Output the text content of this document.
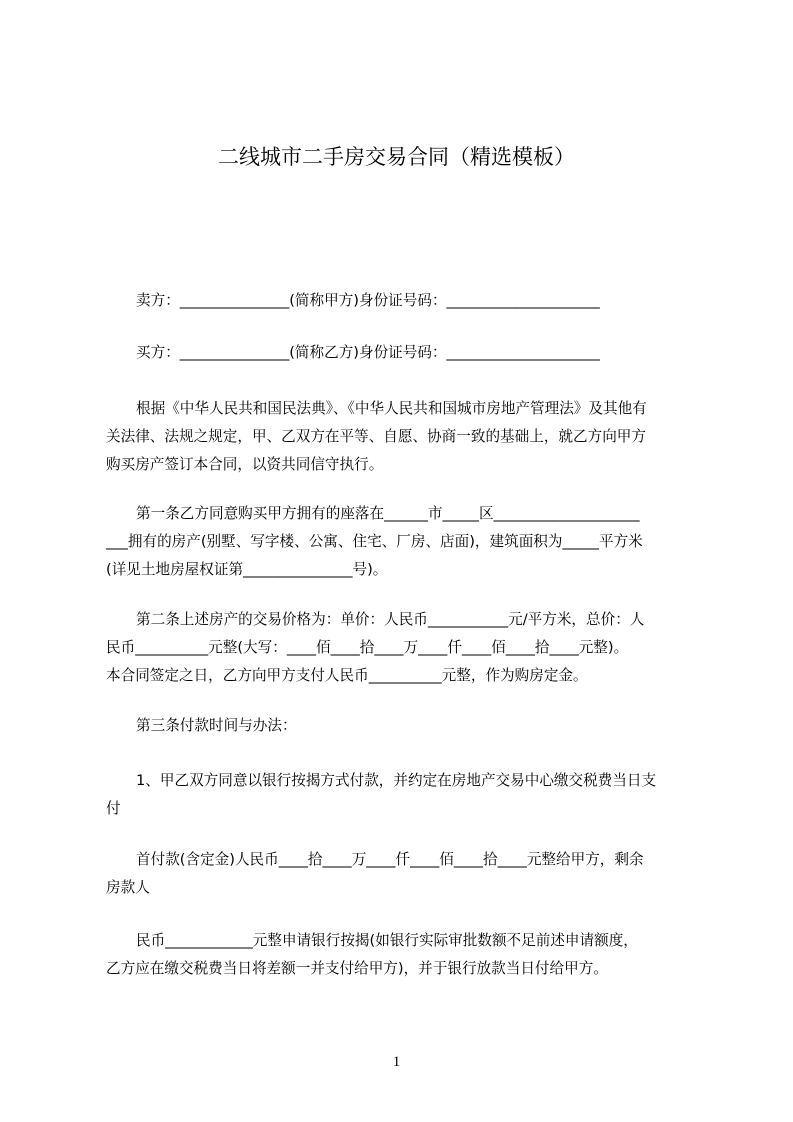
二线城市二手房交易合同（精选模板）
卖方：_______________(简称甲方)身份证号码：_____________________
买方：_______________(简称乙方)身份证号码：_____________________
根据《中华人民共和国民法典》、《中华人民共和国城市房地产管理法》及其他有
关法律、法规之规定，甲、乙双方在平等、自愿、协商一致的基础上，就乙方向甲方
购买房产签订本合同，以资共同信守执行。
第一条乙方同意购买甲方拥有的座落在______市_____区____________________
___拥有的房产(别墅、写字楼、公寓、住宅、厂房、店面)，建筑面积为_____平方米
(详见土地房屋权证第_______________号)。
第二条上述房产的交易价格为：单价：人民币___________元/平方米，总价：人
民币__________元整(大写：____佰____拾____万____仟____佰____拾____元整)。
本合同签定之日，乙方向甲方支付人民币__________元整，作为购房定金。
第三条付款时间与办法：
1、甲乙双方同意以银行按揭方式付款，并约定在房地产交易中心缴交税费当日支
付
首付款(含定金)人民币____拾____万____仟____佰____拾____元整给甲方，剩余
房款人
民币____________元整申请银行按揭(如银行实际审批数额不足前述申请额度，
乙方应在缴交税费当日将差额一并支付给甲方)，并于银行放款当日付给甲方。
1
